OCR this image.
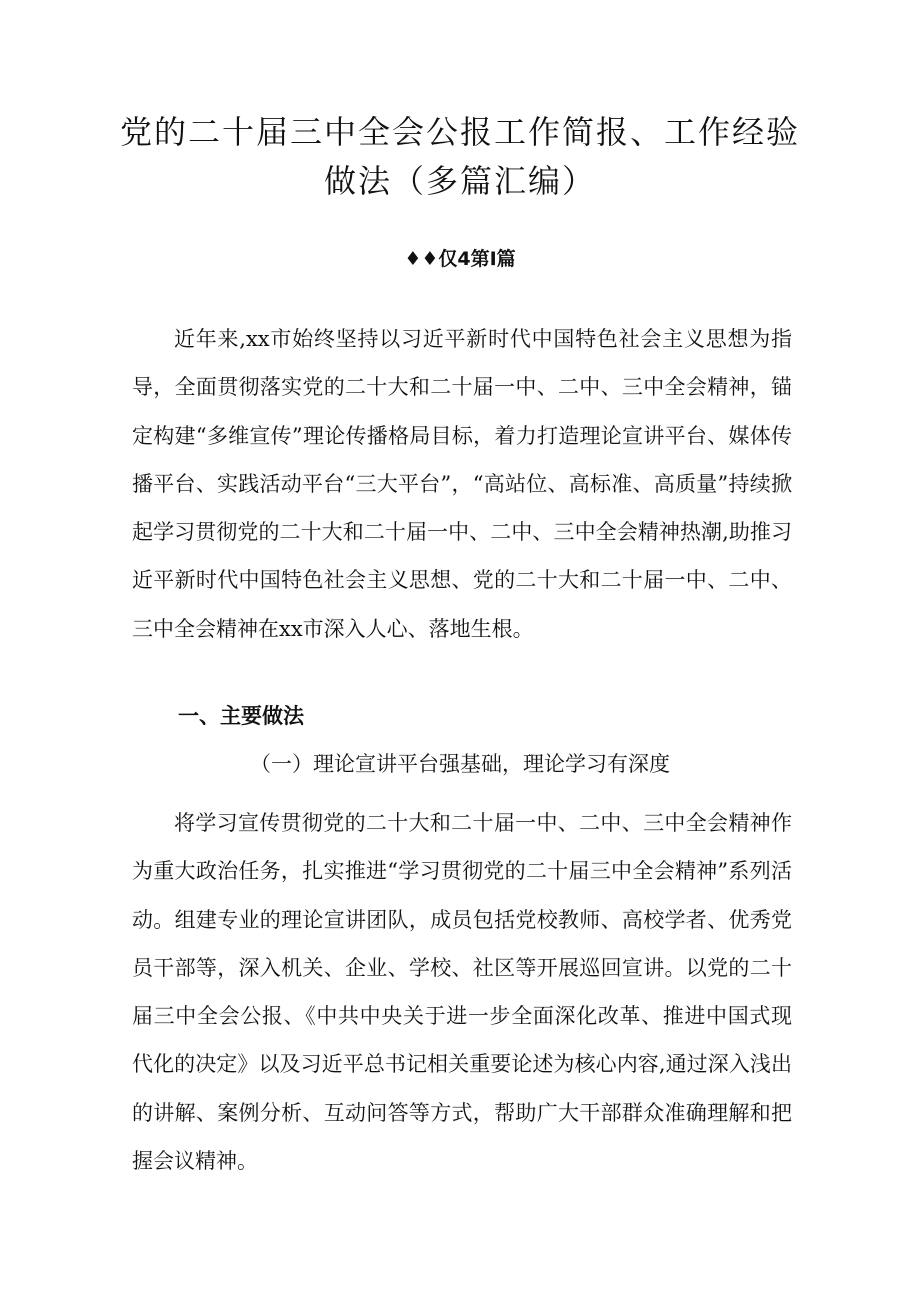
党的二十届三中全会公报工作简报、工作经验
做法（多篇汇编）
♦♦仅4第Ι篇

近年来,xx市始终坚持以习近平新时代中国特色社会主义思想为指导，全面贯彻落实党的二十大和二十届一中、二中、三中全会精神，锚定构建“多维宣传”理论传播格局目标，着力打造理论宣讲平台、媒体传播平台、实践活动平台“三大平台”，“高站位、高标准、高质量”持续掀起学习贯彻党的二十大和二十届一中、二中、三中全会精神热潮,助推习近平新时代中国特色社会主义思想、党的二十大和二十届一中、二中、三中全会精神在xx市深入人心、落地生根。

一、主要做法
（一）理论宣讲平台强基础，理论学习有深度

将学习宣传贯彻党的二十大和二十届一中、二中、三中全会精神作为重大政治任务，扎实推进“学习贯彻党的二十届三中全会精神”系列活动。组建专业的理论宣讲团队，成员包括党校教师、高校学者、优秀党员干部等，深入机关、企业、学校、社区等开展巡回宣讲。以党的二十届三中全会公报、《中共中央关于进一步全面深化改革、推进中国式现代化的决定》以及习近平总书记相关重要论述为核心内容,通过深入浅出的讲解、案例分析、互动问答等方式，帮助广大干部群众准确理解和把握会议精神。
